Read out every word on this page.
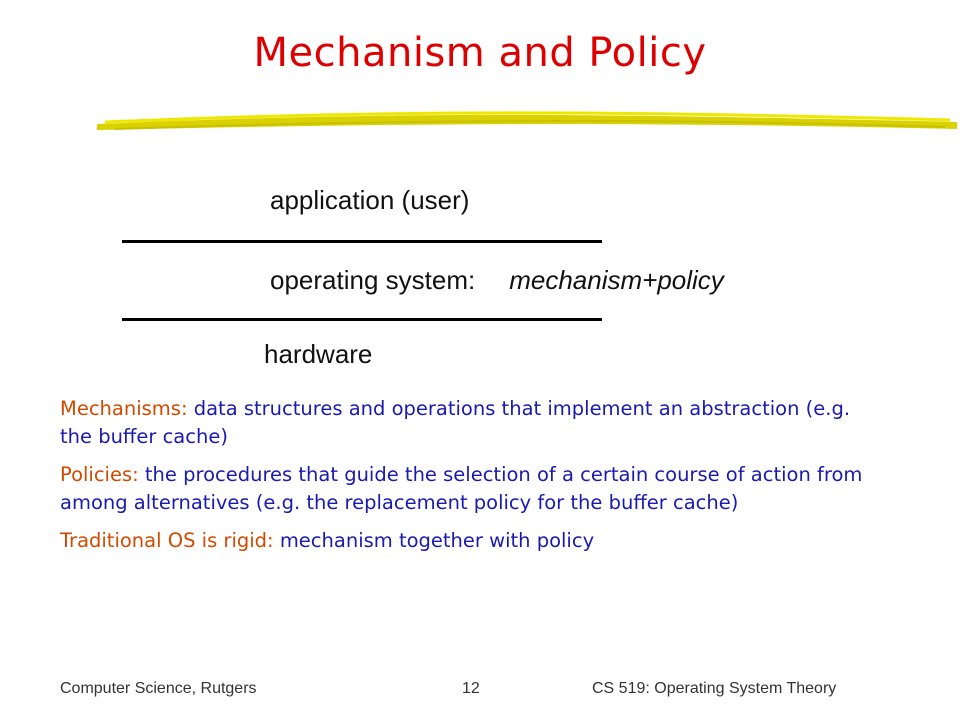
Mechanism and Policy
application (user)
operating system: mechanism+policy
hardware

Mechanisms: data structures and operations that implement an abstraction (e.g. the buffer cache)

Policies: the procedures that guide the selection of a certain course of action from among alternatives (e.g. the replacement policy for the buffer cache)

Traditional OS is rigid: mechanism together with policy

Computer Science, Rutgers	12	CS 519: Operating System Theory
